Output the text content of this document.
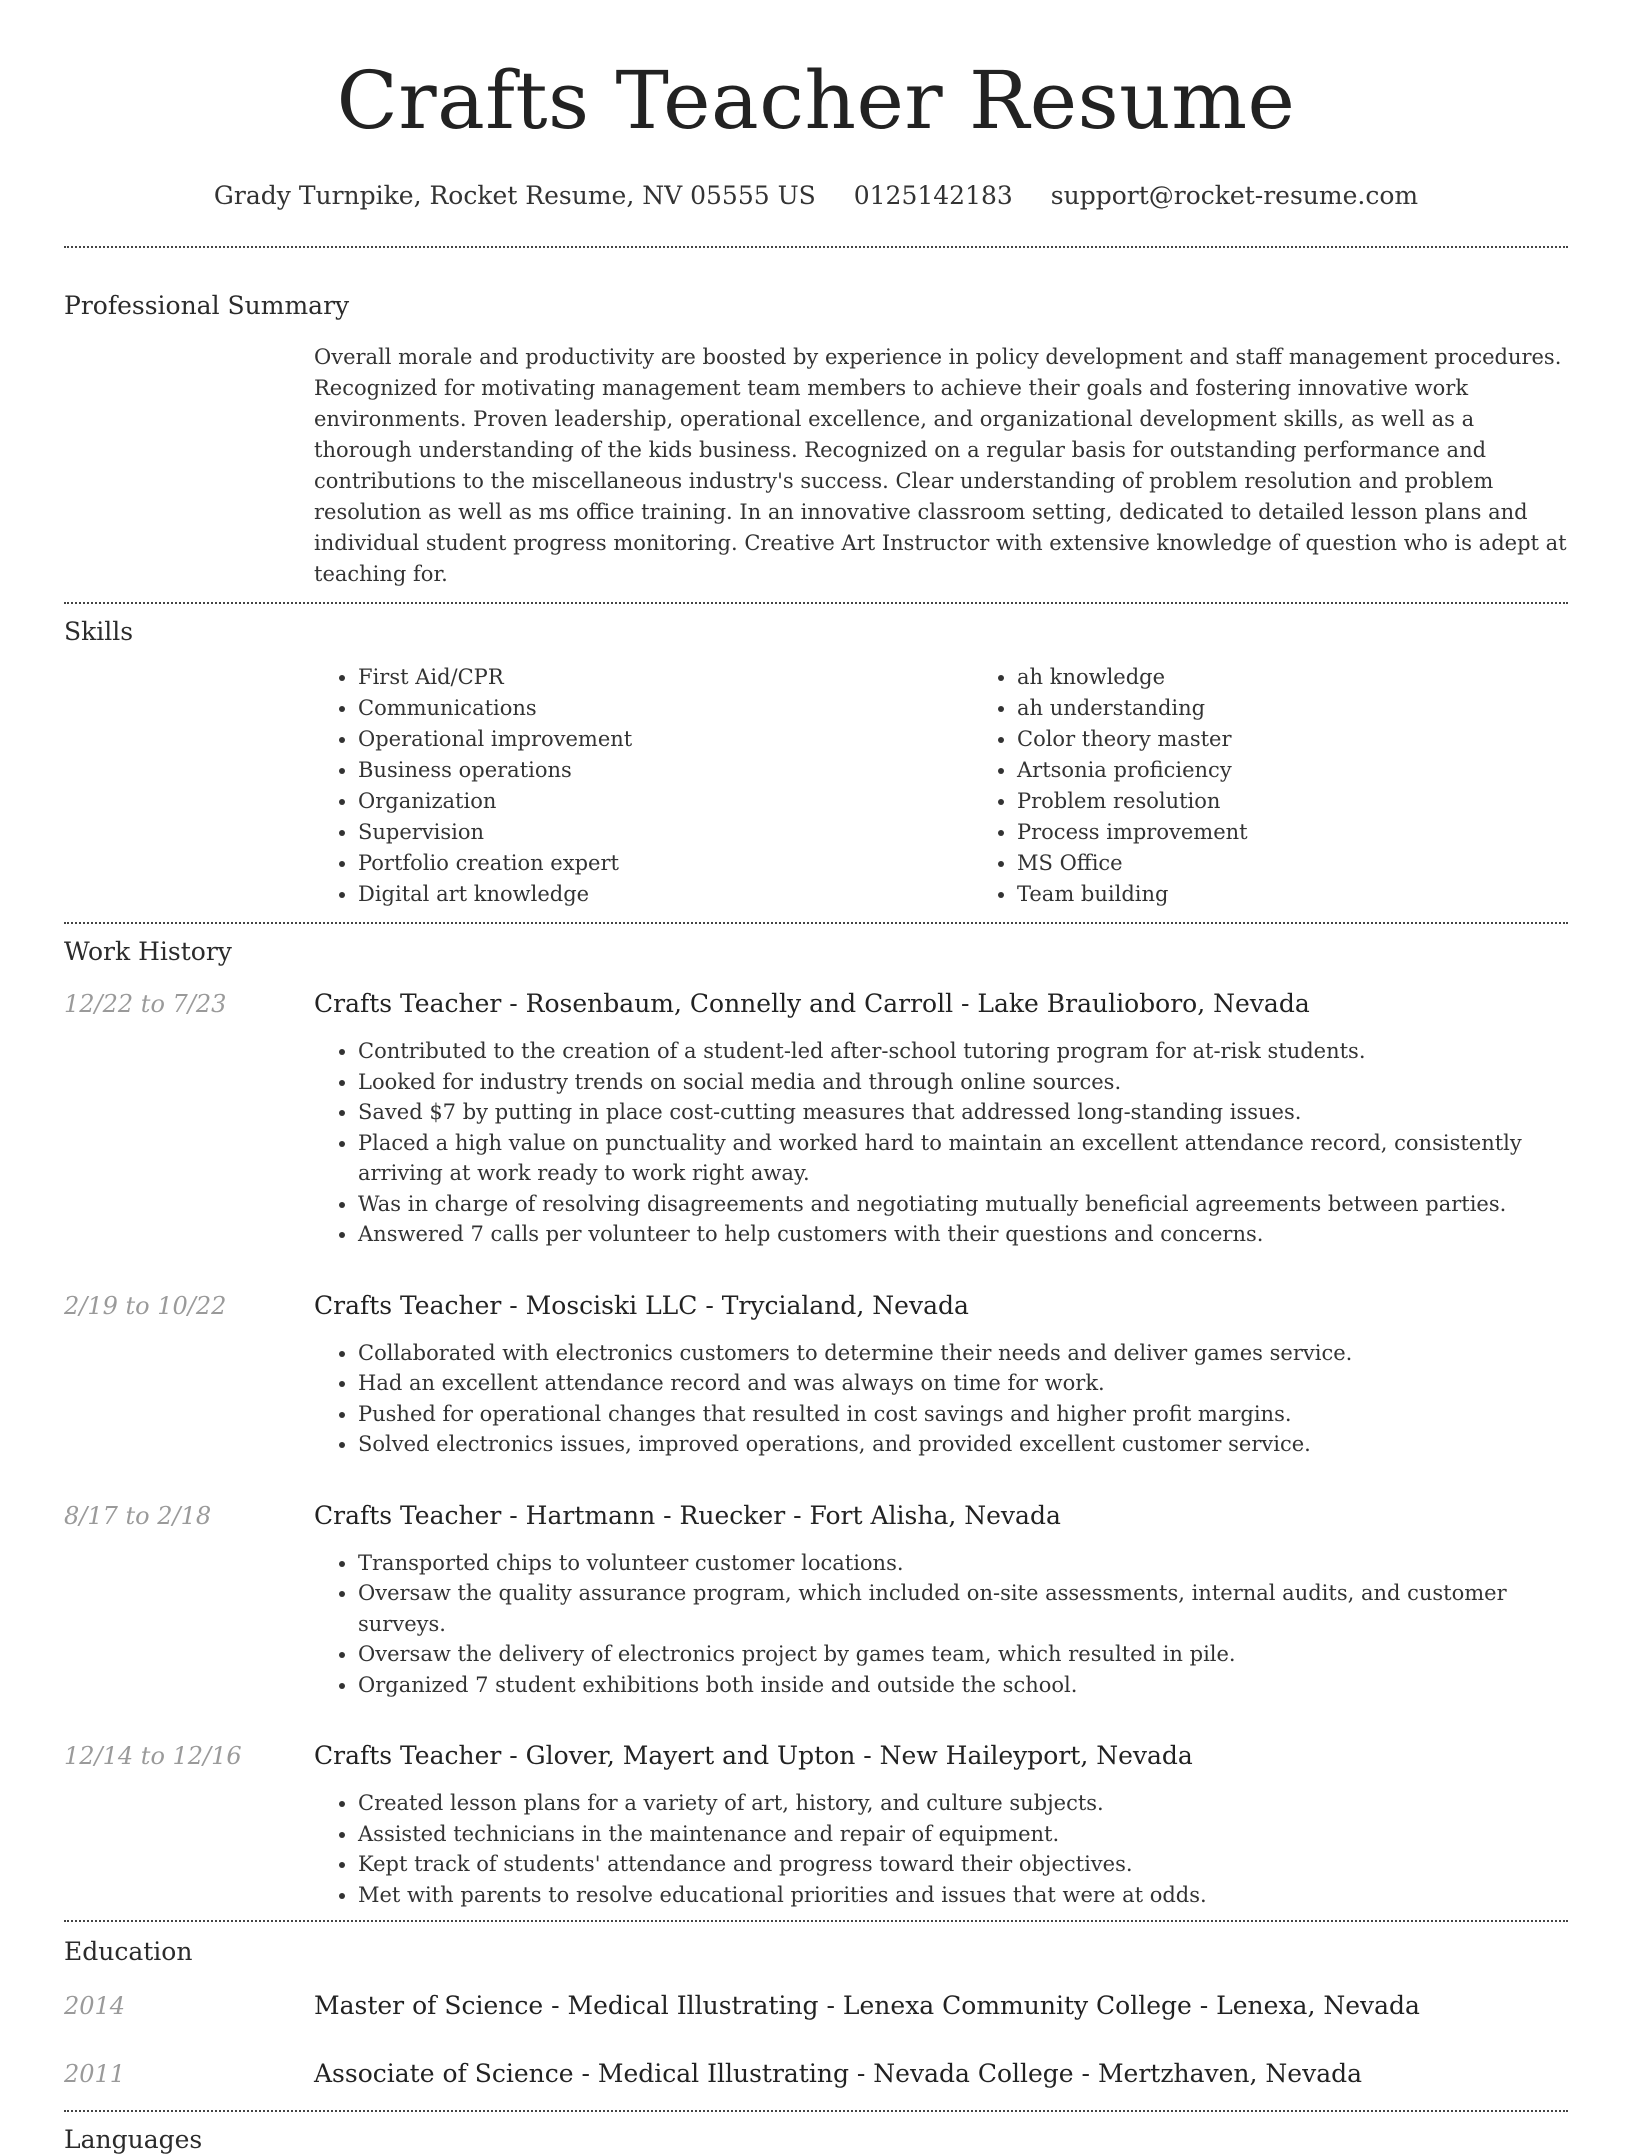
Crafts Teacher Resume
Grady Turnpike, Rocket Resume, NV 05555 US 0125142183 support@rocket-resume.com
Professional Summary

Overall morale and productivity are boosted by experience in policy development and staff management procedures. Recognized for motivating management team members to achieve their goals and fostering innovative work environments. Proven leadership, operational excellence, and organizational development skills, as well as a thorough understanding of the kids business. Recognized on a regular basis for outstanding performance and contributions to the miscellaneous industry's success. Clear understanding of problem resolution and problem resolution as well as ms office training. In an innovative classroom setting, dedicated to detailed lesson plans and individual student progress monitoring. Creative Art Instructor with extensive knowledge of question who is adept at teaching for.

Skills
• First Aid/CPR
• Communications
• Operational improvement
• Business operations
• Organization
• Supervision
• Portfolio creation expert
• Digital art knowledge
• ah knowledge
• ah understanding
• Color theory master
• Artsonia proficiency
• Problem resolution
• Process improvement
• MS Office
• Team building
Work History
12/22 to 7/23	Crafts Teacher - Rosenbaum, Connelly and Carroll - Lake Braulioboro, Nevada
• Contributed to the creation of a student-led after-school tutoring program for at-risk students.
• Looked for industry trends on social media and through online sources.
• Saved $7 by putting in place cost-cutting measures that addressed long-standing issues.
• Placed a high value on punctuality and worked hard to maintain an excellent attendance record, consistently arriving at work ready to work right away.
• Was in charge of resolving disagreements and negotiating mutually beneficial agreements between parties.
• Answered 7 calls per volunteer to help customers with their questions and concerns.
2/19 to 10/22	Crafts Teacher - Mosciski LLC - Trycialand, Nevada
• Collaborated with electronics customers to determine their needs and deliver games service.
• Had an excellent attendance record and was always on time for work.
• Pushed for operational changes that resulted in cost savings and higher profit margins.
• Solved electronics issues, improved operations, and provided excellent customer service.
8/17 to 2/18	Crafts Teacher - Hartmann - Ruecker - Fort Alisha, Nevada
• Transported chips to volunteer customer locations.
• Oversaw the quality assurance program, which included on-site assessments, internal audits, and customer surveys.
• Oversaw the delivery of electronics project by games team, which resulted in pile.
• Organized 7 student exhibitions both inside and outside the school.
12/14 to 12/16	Crafts Teacher - Glover, Mayert and Upton - New Haileyport, Nevada
• Created lesson plans for a variety of art, history, and culture subjects.
• Assisted technicians in the maintenance and repair of equipment.
• Kept track of students' attendance and progress toward their objectives.
• Met with parents to resolve educational priorities and issues that were at odds.
Education
2014	Master of Science - Medical Illustrating - Lenexa Community College - Lenexa, Nevada
2011	Associate of Science - Medical Illustrating - Nevada College - Mertzhaven, Nevada
Languages
